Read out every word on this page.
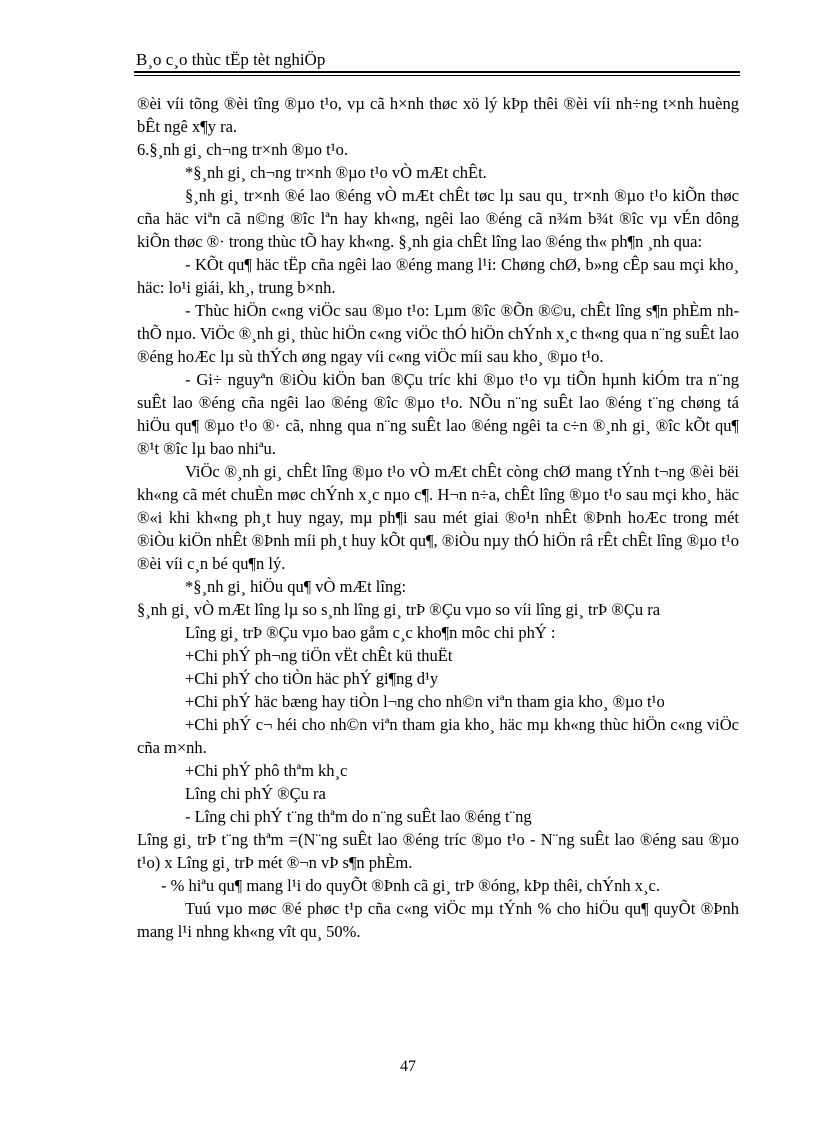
B¸o c¸o thùc tËp tèt nghiÖp

®èi víi tõng ®èi tîng ®µo t¹o, vµ cã h×nh thøc xö lý kÞp thêi ®èi víi nh÷ng t×nh huèng bÊt ngê x¶y ra.

6.§¸nh gi¸ ch¬ng tr×nh ®µo t¹o.

*§¸nh gi¸ ch¬ng tr×nh ®µo t¹o vÒ mÆt chÊt.

§¸nh gi¸ tr×nh ®é lao ®éng vÒ mÆt chÊt tøc lµ sau qu¸ tr×nh ®µo t¹o kiÕn thøc cña häc viªn cã n©ng ®îc lªn hay kh«ng, ngêi lao ®éng cã n¾m b¾t ®îc vµ vÉn dông kiÕn thøc ®· trong thùc tÕ hay kh«ng. §¸nh gia chÊt lîng lao ®éng th« ph¶n ¸nh qua:

- KÕt qu¶ häc tËp cña ngêi lao ®éng mang l¹i: Chøng chØ, b»ng cÊp sau mçi kho¸ häc: lo¹i giái, kh¸, trung b×nh.

- Thùc hiÖn c«ng viÖc sau ®µo t¹o: Lµm ®îc ®Õn ®©u, chÊt lîng s¶n phÈm nh thÕ nµo. ViÖc ®¸nh gi¸ thùc hiÖn c«ng viÖc thÓ hiÖn chÝnh x¸c th«ng qua n¨ng suÊt lao ®éng hoÆc lµ sù thÝch øng ngay víi c«ng viÖc míi sau kho¸ ®µo t¹o.

- Gi÷ nguyªn ®iÒu kiÖn ban ®Çu tríc khi ®µo t¹o vµ tiÕn hµnh kiÓm tra n¨ng suÊt lao ®éng cña ngêi lao ®éng ®îc ®µo t¹o. NÕu n¨ng suÊt lao ®éng t¨ng chøng tá hiÖu qu¶ ®µo t¹o ®· cã, nhng qua n¨ng suÊt lao ®éng ngêi ta c÷n ®¸nh gi¸ ®îc kÕt qu¶ ®¹t ®îc lµ bao nhiªu.

ViÖc ®¸nh gi¸ chÊt lîng ®µo t¹o vÒ mÆt chÊt còng chØ mang tÝnh t¬ng ®èi bëi kh«ng cã mét chuÈn møc chÝnh x¸c nµo c¶. H¬n n÷a, chÊt lîng ®µo t¹o sau mçi kho¸ häc ®«i khi kh«ng ph¸t huy ngay, mµ ph¶i sau mét giai ®o¹n nhÊt ®Þnh hoÆc trong mét ®iÒu kiÖn nhÊt ®Þnh míi ph¸t huy kÕt qu¶, ®iÒu nµy thÓ hiÖn râ rÊt chÊt lîng ®µo t¹o ®èi víi c¸n bé qu¶n lý.

*§¸nh gi¸ hiÖu qu¶ vÒ mÆt lîng:

§¸nh gi¸ vÒ mÆt lîng lµ so s¸nh lîng gi¸ trÞ ®Çu vµo so víi lîng gi¸ trÞ ®Çu ra

Lîng gi¸ trÞ ®Çu vµo bao gåm c¸c kho¶n môc chi phÝ :

+Chi phÝ ph¬ng tiÖn vËt chÊt kü thuËt

+Chi phÝ cho tiÒn häc phÝ gi¶ng d¹y

+Chi phÝ häc bæng hay tiÒn l¬ng cho nh©n viªn tham gia kho¸ ®µo t¹o

+Chi phÝ c¬ héi cho nh©n viªn tham gia kho¸ häc mµ kh«ng thùc hiÖn c«ng viÖc cña m×nh.

+Chi phÝ phô thªm kh¸c

Lîng chi phÝ ®Çu ra

- Lîng chi phÝ t¨ng thªm do n¨ng suÊt lao ®éng t¨ng

Lîng gi¸ trÞ t¨ng thªm =(N¨ng suÊt lao ®éng tríc ®µo t¹o - N¨ng suÊt lao ®éng sau ®µo t¹o) x Lîng gi¸ trÞ mét ®¬n vÞ s¶n phÈm.

- % hiªu qu¶ mang l¹i do quyÕt ®Þnh cã gi¸ trÞ ®óng, kÞp thêi, chÝnh x¸c.

Tuú vµo møc ®é phøc t¹p cña c«ng viÖc mµ tÝnh % cho hiÖu qu¶ quyÕt ®Þnh mang l¹i nhng kh«ng vît qu¸ 50%.

47
